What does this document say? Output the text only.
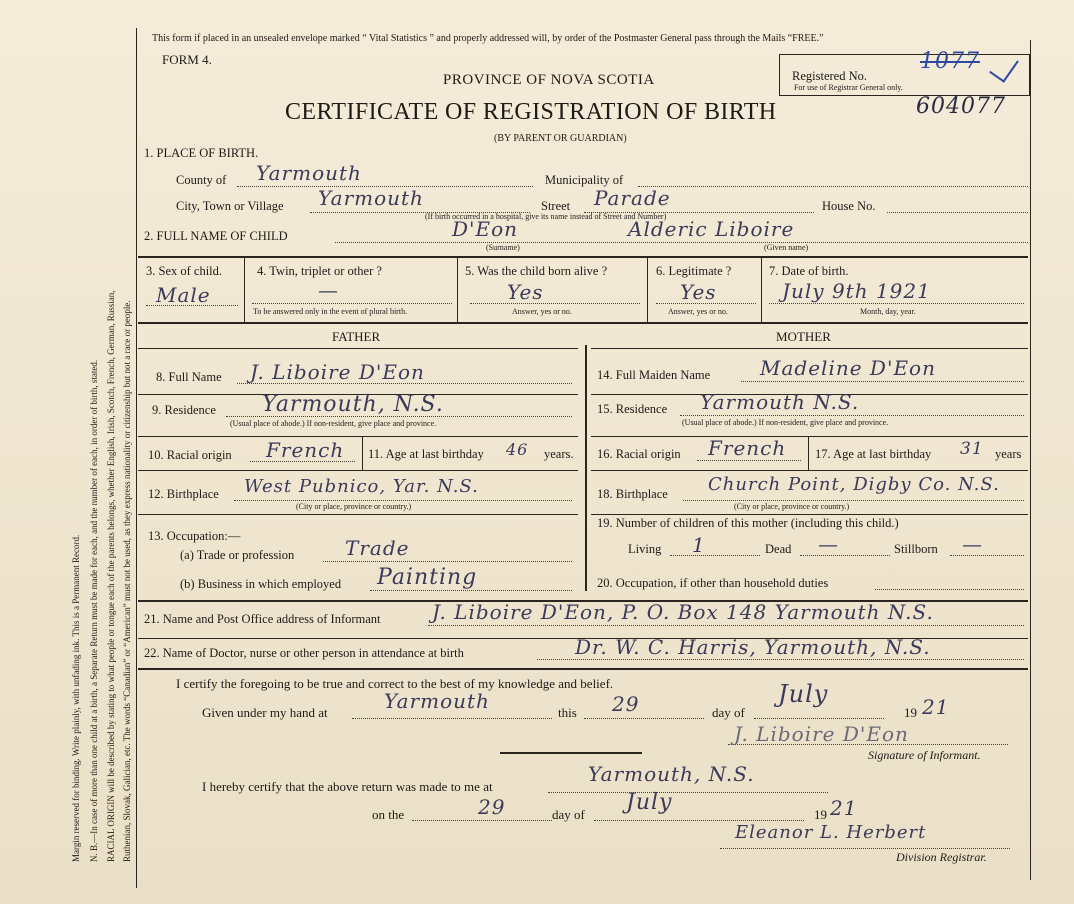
Margin reserved for binding. Write plainly, with unfading ink. This is a Permanent Record. N. B.—In case of more than one child at a birth, a Separate Return must be made for each, and the number of each, in order of birth, stated. RACIAL ORIGIN will be described by stating to what people or tongue each of the parents belongs, whether English, Irish, Scotch, French, German, Russian, Ruthenian, Slovak, Galician, etc. The words “Canadian” or “American” must not be used, as they express nationality or citizenship but not a race or people.
This form if placed in an unsealed envelope marked “ Vital Statistics ” and properly addressed will, by order of the Postmaster General pass through the Mails “FREE.”
FORM 4.
PROVINCE OF NOVA SCOTIA
CERTIFICATE OF REGISTRATION OF BIRTH
(BY PARENT OR GUARDIAN)
Registered No.
1077
For use of Registrar General only.
604077
1. PLACE OF BIRTH.
County of Yarmouth	Municipality of
City, Town or Village Yarmouth	Street Parade	House No.
(If birth occurred in a hospital, give its name instead of Street and Number)
2. FULL NAME OF CHILD	D'Eon	Alderic Liboire
(Surname)	(Given name)
3. Sex of child.
Male
4. Twin, triplet or other ?
—
To be answered only in the event of plural birth.
5. Was the child born alive ?
Yes
Answer, yes or no.
6. Legitimate ?
Yes
Answer, yes or no.
7. Date of birth.
July 9th 1921
Month, day, year.
FATHER	MOTHER
8. Full Name J. Liboire D'Eon
9. Residence Yarmouth, N.S.
(Usual place of abode.) If non-resident, give place and province.
10. Racial origin French 11. Age at last birthday 46 years.
12. Birthplace West Pubnico, Yar. N.S.
(City or place, province or country.)
13. Occupation:—
(a) Trade or profession	Trade
(b) Business in which employed Painting
14. Full Maiden Name Madeline D'Eon
15. Residence Yarmouth N.S.
(Usual place of abode.) If non-resident, give place and province.
16. Racial origin French 17. Age at last birthday 31 years
18. Birthplace Church Point, Digby Co. N.S.
(City or place, province or country.)
19. Number of children of this mother (including this child.)
Living 1	Dead —	Stillborn —
20. Occupation, if other than household duties
21. Name and Post Office address of Informant	J. Liboire D'Eon, P. O. Box 148 Yarmouth N.S.
22. Name of Doctor, nurse or other person in attendance at birth	Dr. W. C. Harris, Yarmouth, N.S.
I certify the foregoing to be true and correct to the best of my knowledge and belief.
Given under my hand at	Yarmouth	this 29	day of
July
19 21
J. Liboire D'Eon
Signature of Informant.
I hereby certify that the above return was made to me at
Yarmouth, N.S.
on the	29	day of July	19 21
Eleanor L. Herbert
Division Registrar.
